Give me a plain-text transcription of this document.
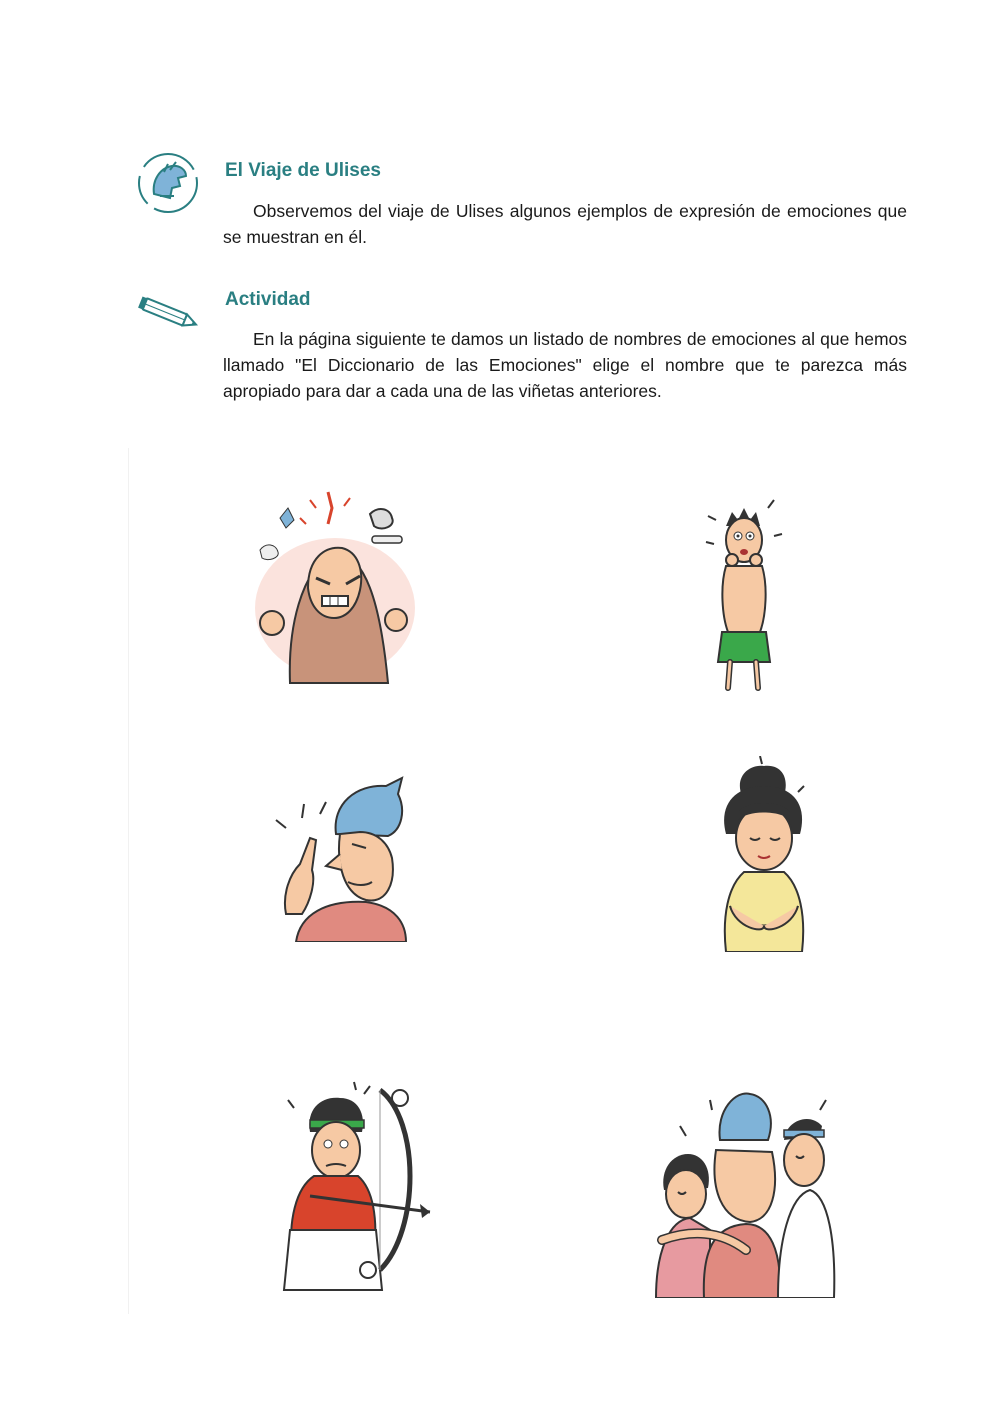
El Viaje de Ulises

Observemos del viaje de Ulises algunos ejemplos de expresión de emociones que se muestran en él.

Actividad

En la página siguiente te damos un listado de nombres de emociones al que hemos llamado "El Diccionario de las Emociones" elige el nombre que te parezca más apropiado para dar a cada una de las viñetas anteriores.
